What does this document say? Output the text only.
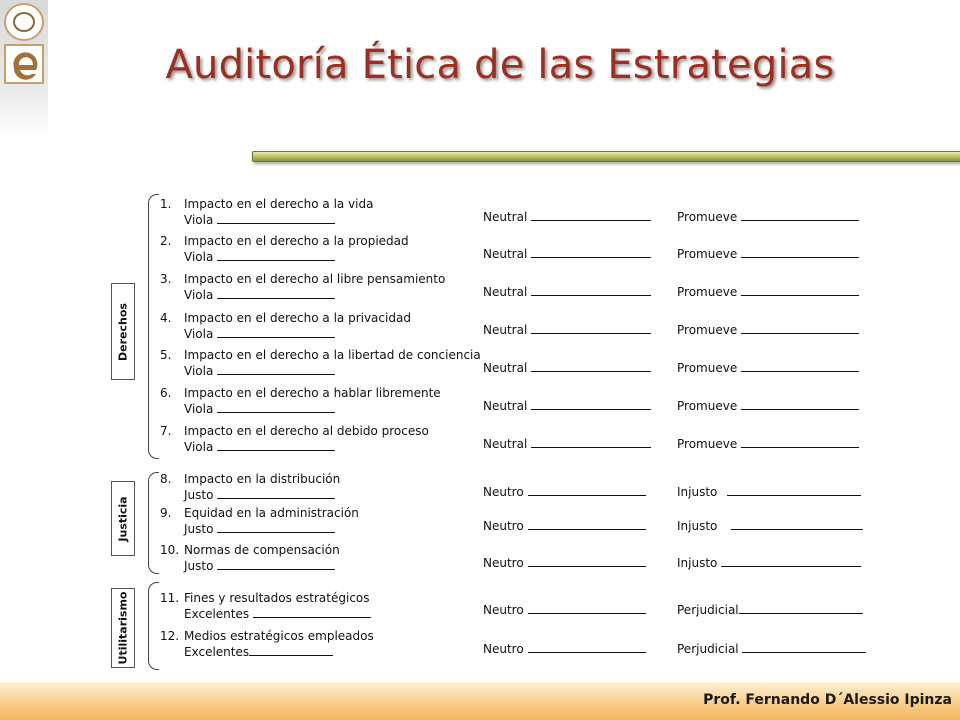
Auditoría Ética de las Estrategias
Derechos
Justicia
Utilitarismo
1. Impacto en el derecho a la vida
Viola	Neutral	Promueve
2. Impacto en el derecho a la propiedad
Viola	Neutral	Promueve
3. Impacto en el derecho al libre pensamiento
Viola	Neutral	Promueve
4. Impacto en el derecho a la privacidad
Viola	Neutral	Promueve
5. Impacto en el derecho a la libertad de conciencia
Viola	Neutral	Promueve
6. Impacto en el derecho a hablar libremente
Viola	Neutral	Promueve
7. Impacto en el derecho al debido proceso
Viola	Neutral	Promueve
8. Impacto en la distribución
Justo	Neutro	Injusto
9. Equidad en la administración
Justo	Neutro	Injusto
10. Normas de compensación
Justo	Neutro	Injusto
11. Fines y resultados estratégicos
Excelentes	Neutro	Perjudicial
12. Medios estratégicos empleados
Excelentes	Neutro	Perjudicial
Prof. Fernando D´Alessio Ipinza
